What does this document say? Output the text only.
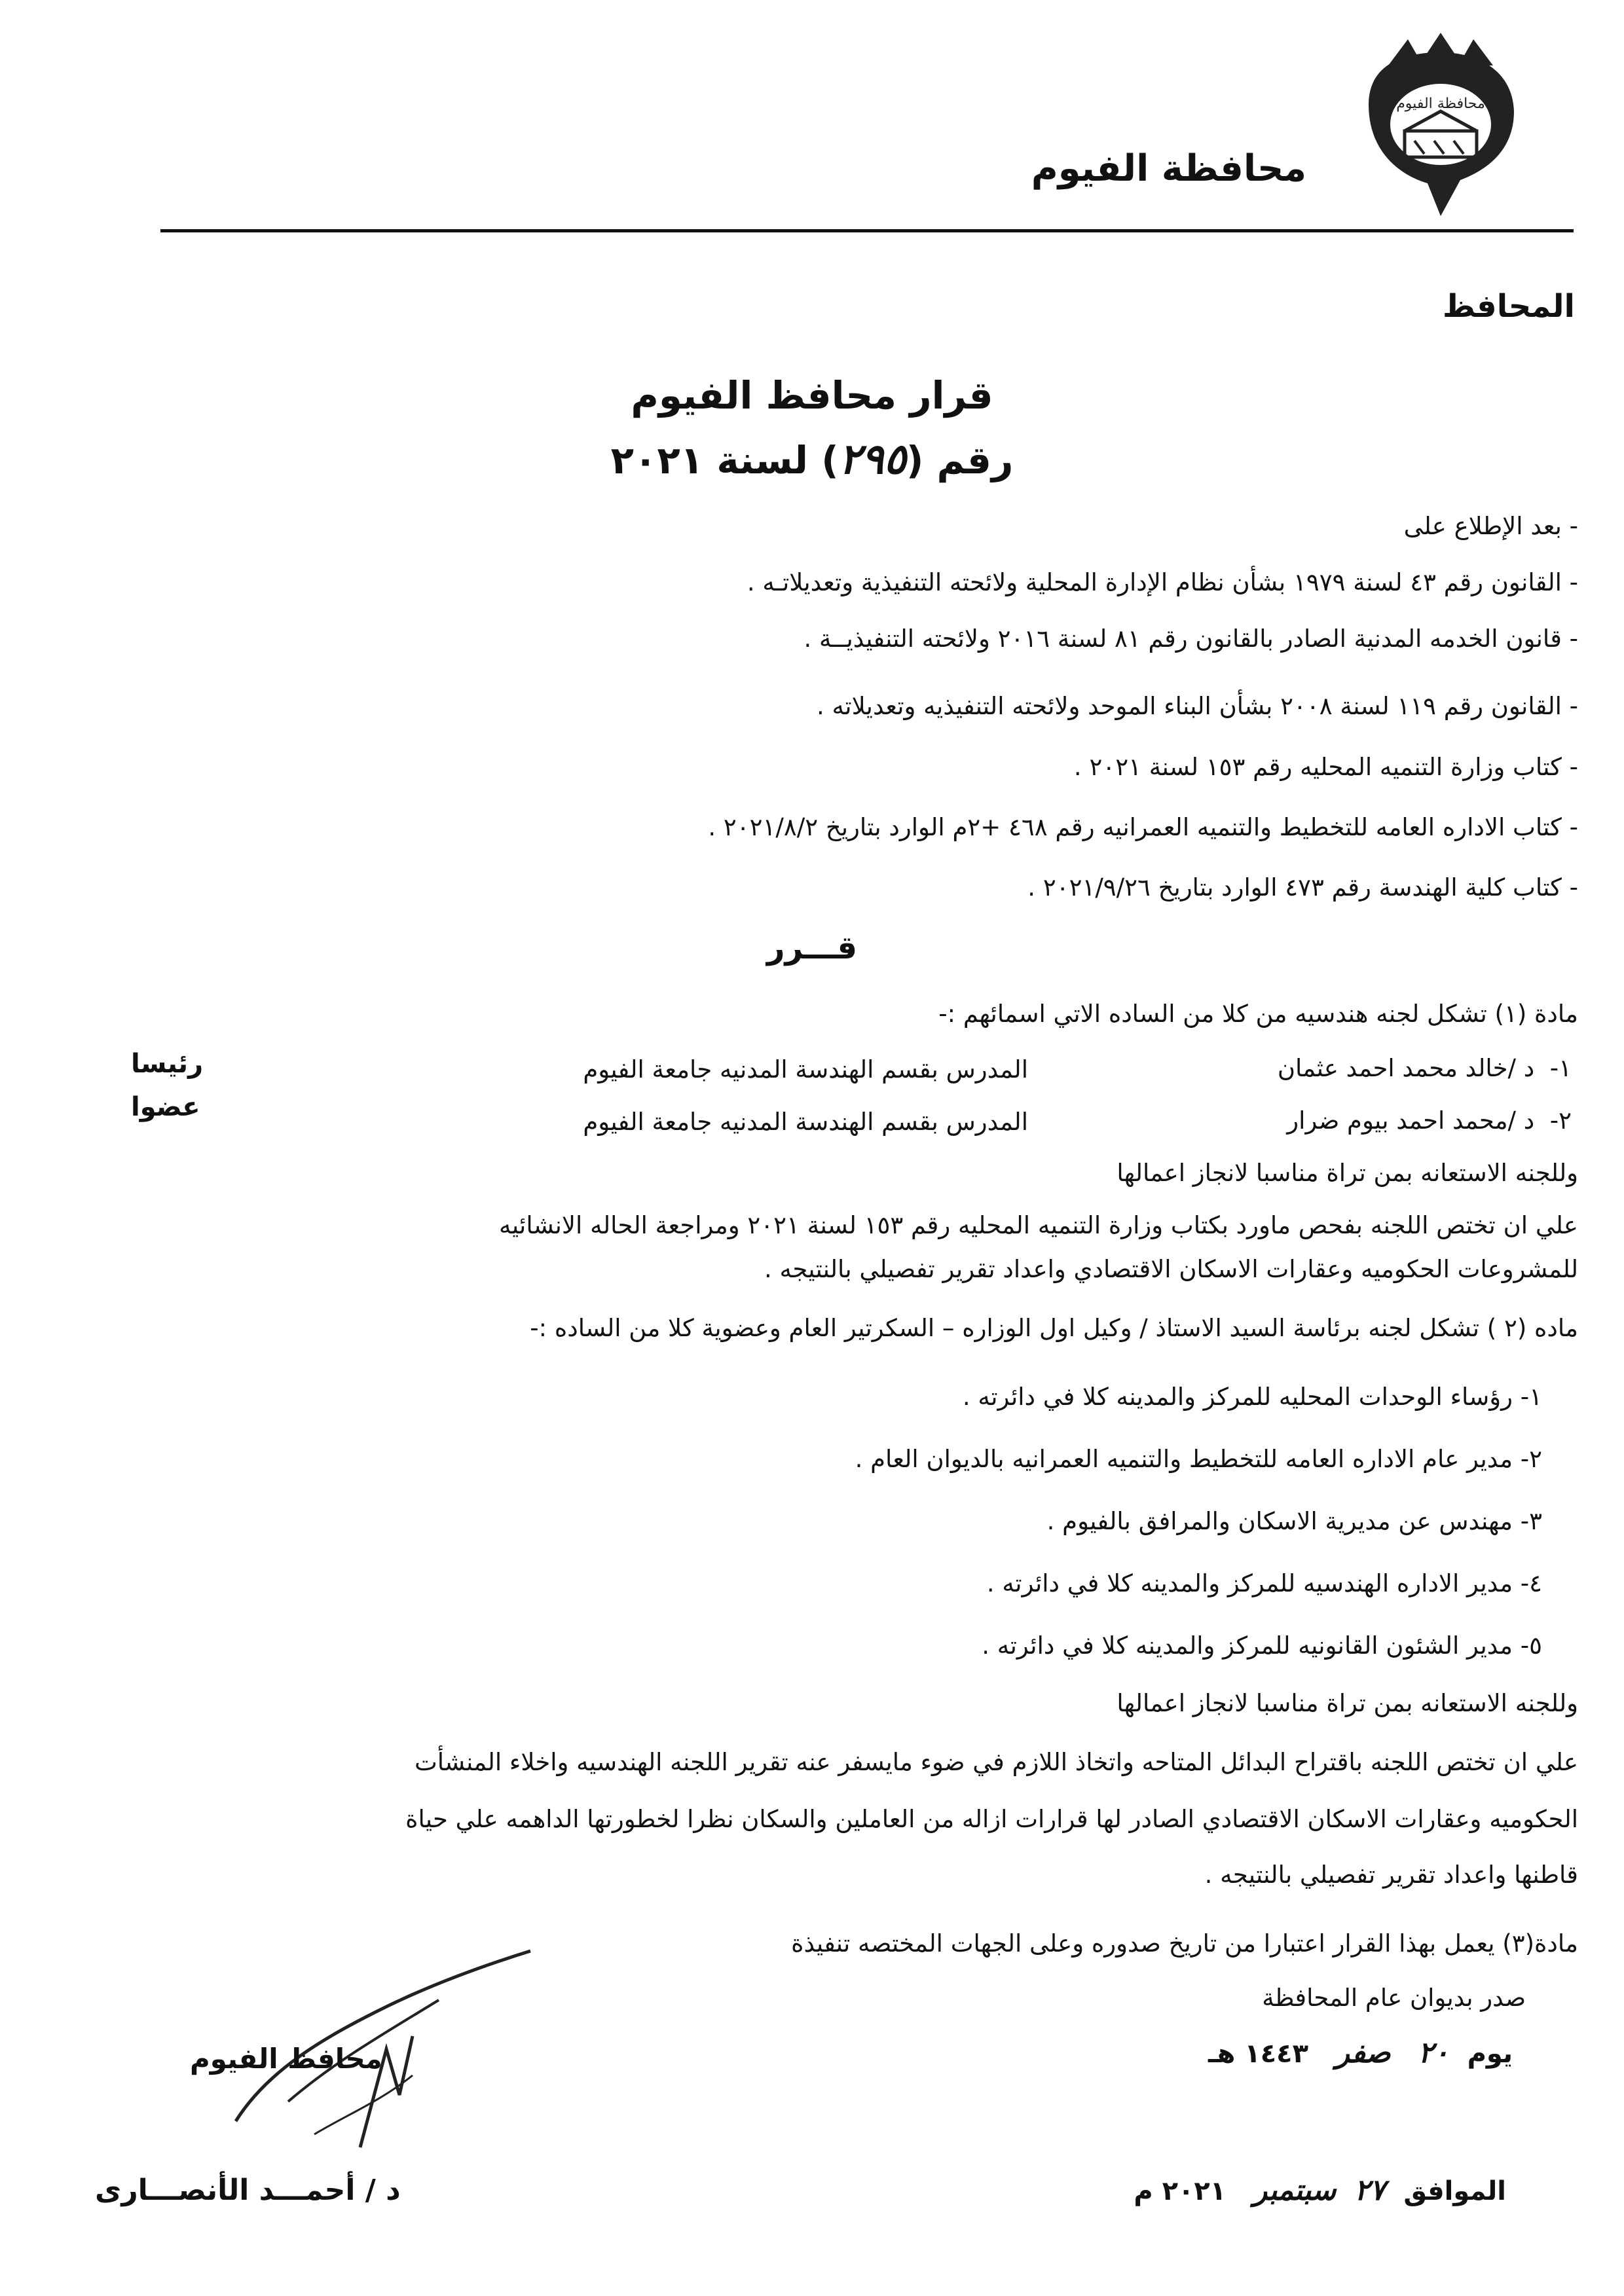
محافظة الفيوم
محافظة الفيوم
المحافظ
قرار محافظ الفيوم
رقم (٢٩٥) لسنة ٢٠٢١
- بعد الإطلاع على
- القانون رقم ٤٣ لسنة ١٩٧٩ بشأن نظام الإدارة المحلية ولائحته التنفيذية وتعديلاتـه .
- قانون الخدمه المدنية الصادر بالقانون رقم ٨١ لسنة ٢٠١٦ ولائحته التنفيذيــة .
- القانون رقم ١١٩ لسنة ٢٠٠٨ بشأن البناء الموحد ولائحته التنفيذيه وتعديلاته .
- كتاب وزارة التنميه المحليه رقم ١٥٣ لسنة ٢٠٢١ .
- كتاب الاداره العامه للتخطيط والتنميه العمرانيه رقم ٤٦٨ +٢م الوارد بتاريخ ٢٠٢١/٨/٢ .
- كتاب كلية الهندسة رقم ٤٧٣ الوارد بتاريخ ٢٠٢١/٩/٢٦ .
قـــرر
مادة (١) تشكل لجنه هندسيه من كلا من الساده الاتي اسمائهم :-
١-  د /خالد محمد احمد عثمان
المدرس بقسم الهندسة المدنيه جامعة الفيوم
رئيسا
٢-  د /محمد احمد بيوم ضرار
المدرس بقسم الهندسة المدنيه جامعة الفيوم
عضوا
وللجنه الاستعانه بمن تراة مناسبا لانجاز اعمالها
علي ان تختص اللجنه بفحص ماورد بكتاب وزارة التنميه المحليه رقم ١٥٣ لسنة ٢٠٢١ ومراجعة الحاله الانشائيه
للمشروعات الحكوميه وعقارات الاسكان الاقتصادي واعداد تقرير تفصيلي بالنتيجه .
ماده (٢ ) تشكل لجنه برئاسة السيد الاستاذ / وكيل اول الوزاره – السكرتير العام وعضوية كلا من الساده :-
١- رؤساء الوحدات المحليه للمركز والمدينه كلا في دائرته .
٢- مدير عام الاداره العامه للتخطيط والتنميه العمرانيه بالديوان العام .
٣- مهندس عن مديرية الاسكان والمرافق بالفيوم .
٤- مدير الاداره الهندسيه للمركز والمدينه كلا في دائرته .
٥- مدير الشئون القانونيه للمركز والمدينه كلا في دائرته .
وللجنه الاستعانه بمن تراة مناسبا لانجاز اعمالها
علي ان تختص اللجنه باقتراح البدائل المتاحه واتخاذ اللازم في ضوء مايسفر عنه تقرير اللجنه الهندسيه واخلاء المنشأت
الحكوميه وعقارات الاسكان الاقتصادي الصادر لها قرارات ازاله من العاملين والسكان نظرا لخطورتها الداهمه علي حياة
قاطنها واعداد تقرير تفصيلي بالنتيجه .
مادة(٣) يعمل بهذا القرار اعتبارا من تاريخ صدوره وعلى الجهات المختصه تنفيذة
صدر بديوان عام المحافظة
يوم  ٢٠   صفر   ١٤٤٣ هـ
الموافق  ٢٧  سبتمبر   ٢٠٢١ م
محافظ الفيوم
د / أحمـــد الأنصـــارى
